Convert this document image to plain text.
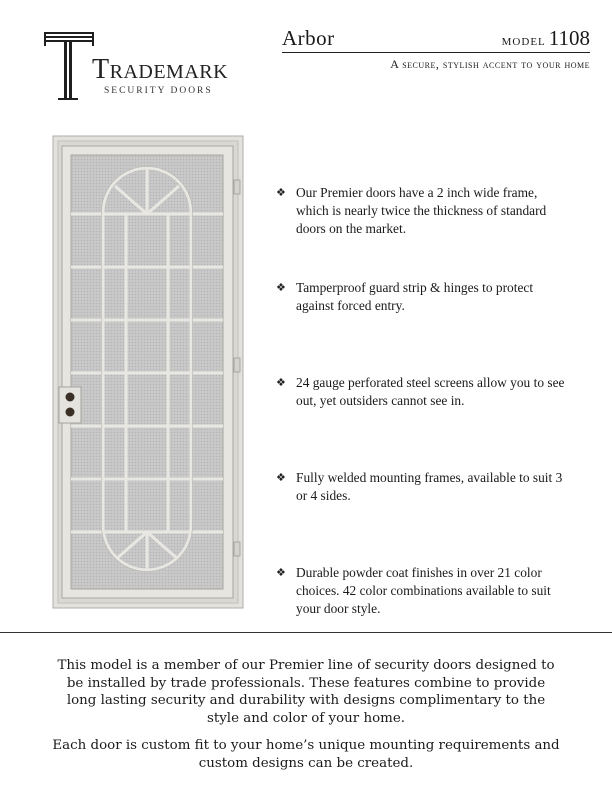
Trademark
SECURITY DOORS
Arbor	model 1108
A secure, stylish accent to your home
❖ Our Premier doors have a 2 inch wide frame, which is nearly twice the thickness of standard doors on the market.
❖ Tamperproof guard strip & hinges to protect against forced entry.
❖ 24 gauge perforated steel screens allow you to see out, yet outsiders cannot see in.
❖ Fully welded mounting frames, available to suit 3 or 4 sides.
❖ Durable powder coat finishes in over 21 color choices. 42 color combinations available to suit your door style.

This model is a member of our Premier line of security doors designed to be installed by trade professionals. These features combine to provide long lasting security and durability with designs complimentary to the style and color of your home.

Each door is custom fit to your home’s unique mounting requirements and custom designs can be created.
